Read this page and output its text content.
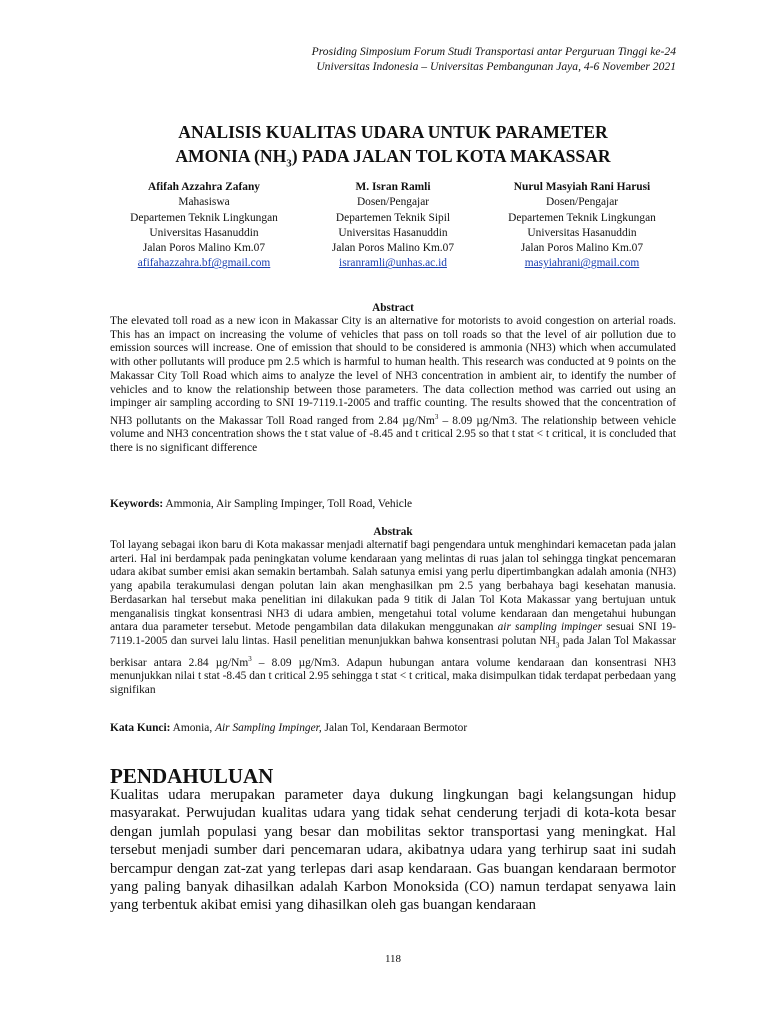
Prosiding Simposium Forum Studi Transportasi antar Perguruan Tinggi ke-24
Universitas Indonesia – Universitas Pembangunan Jaya, 4-6 November 2021
ANALISIS KUALITAS UDARA UNTUK PARAMETER
AMONIA $(NH_3)$ PADA JALAN TOL KOTA MAKASSAR
Afifah Azzahra Zafany
Mahasiswa
Departemen Teknik Lingkungan
Universitas Hasanuddin
Jalan Poros Malino Km.07
afifahazzahra.bf@gmail.com
M. Isran Ramli
Dosen/Pengajar
Departemen Teknik Sipil
Universitas Hasanuddin
Jalan Poros Malino Km.07
isranramli@unhas.ac.id
Nurul Masyiah Rani Harusi
Dosen/Pengajar
Departemen Teknik Lingkungan
Universitas Hasanuddin
Jalan Poros Malino Km.07
masyiahrani@gmail.com
Abstract
The elevated toll road as a new icon in Makassar City is an alternative for motorists to avoid congestion on arterial roads. This has an impact on increasing the volume of vehicles that pass on toll roads so that the level of air pollution due to emission sources will increase. One of emission that should to be considered is ammonia (NH3) which when accumulated with other pollutants will produce pm 2.5 which is harmful to human health. This research was conducted at 9 points on the Makassar City Toll Road which aims to analyze the level of NH3 concentration in ambient air, to identify the number of vehicles and to know the relationship between those parameters. The data collection method was carried out using an impinger air sampling according to SNI 19-7119.1-2005 and traffic counting. The results showed that the concentration of NH3 pollutants on the Makassar Toll Road ranged from 2.84 µg/Nm$^3$ – 8.09 µg/Nm3. The relationship between vehicle volume and NH3 concentration shows the t stat value of -8.45 and t critical 2.95 so that t stat < t critical, it is concluded that there is no significant difference
Keywords: Ammonia, Air Sampling Impinger, Toll Road, Vehicle
Abstrak
Tol layang sebagai ikon baru di Kota makassar menjadi alternatif bagi pengendara untuk menghindari kemacetan pada jalan arteri. Hal ini berdampak pada peningkatan volume kendaraan yang melintas di ruas jalan tol sehingga tingkat pencemaran udara akibat sumber emisi akan semakin bertambah. Salah satunya emisi yang perlu dipertimbangkan adalah amonia (NH3) yang apabila terakumulasi dengan polutan lain akan menghasilkan pm 2.5 yang berbahaya bagi kesehatan manusia. Berdasarkan hal tersebut maka penelitian ini dilakukan pada 9 titik di Jalan Tol Kota Makassar yang bertujuan untuk menganalisis tingkat konsentrasi NH3 di udara ambien, mengetahui total volume kendaraan dan mengetahui hubungan antara dua parameter tersebut. Metode pengambilan data dilakukan menggunakan air sampling impinger sesuai SNI 19-7119.1-2005 dan survei lalu lintas. Hasil penelitian menunjukkan bahwa konsentrasi polutan $NH_3$ pada Jalan Tol Makassar berkisar antara 2.84 µg/Nm$^3$ – 8.09 µg/Nm3. Adapun hubungan antara volume kendaraan dan konsentrasi NH3 menunjukkan nilai t stat -8.45 dan t critical 2.95 sehingga t stat < t critical, maka disimpulkan tidak terdapat perbedaan yang signifikan
Kata Kunci: Amonia, Air Sampling Impinger, Jalan Tol, Kendaraan Bermotor
PENDAHULUAN
Kualitas udara merupakan parameter daya dukung lingkungan bagi kelangsungan hidup masyarakat. Perwujudan kualitas udara yang tidak sehat cenderung terjadi di kota-kota besar dengan jumlah populasi yang besar dan mobilitas sektor transportasi yang meningkat. Hal tersebut menjadi sumber dari pencemaran udara, akibatnya udara yang terhirup saat ini sudah bercampur dengan zat-zat yang terlepas dari asap kendaraan. Gas buangan kendaraan bermotor yang paling banyak dihasilkan adalah Karbon Monoksida (CO) namun terdapat senyawa lain yang terbentuk akibat emisi yang dihasilkan oleh gas buangan kendaraan
118
